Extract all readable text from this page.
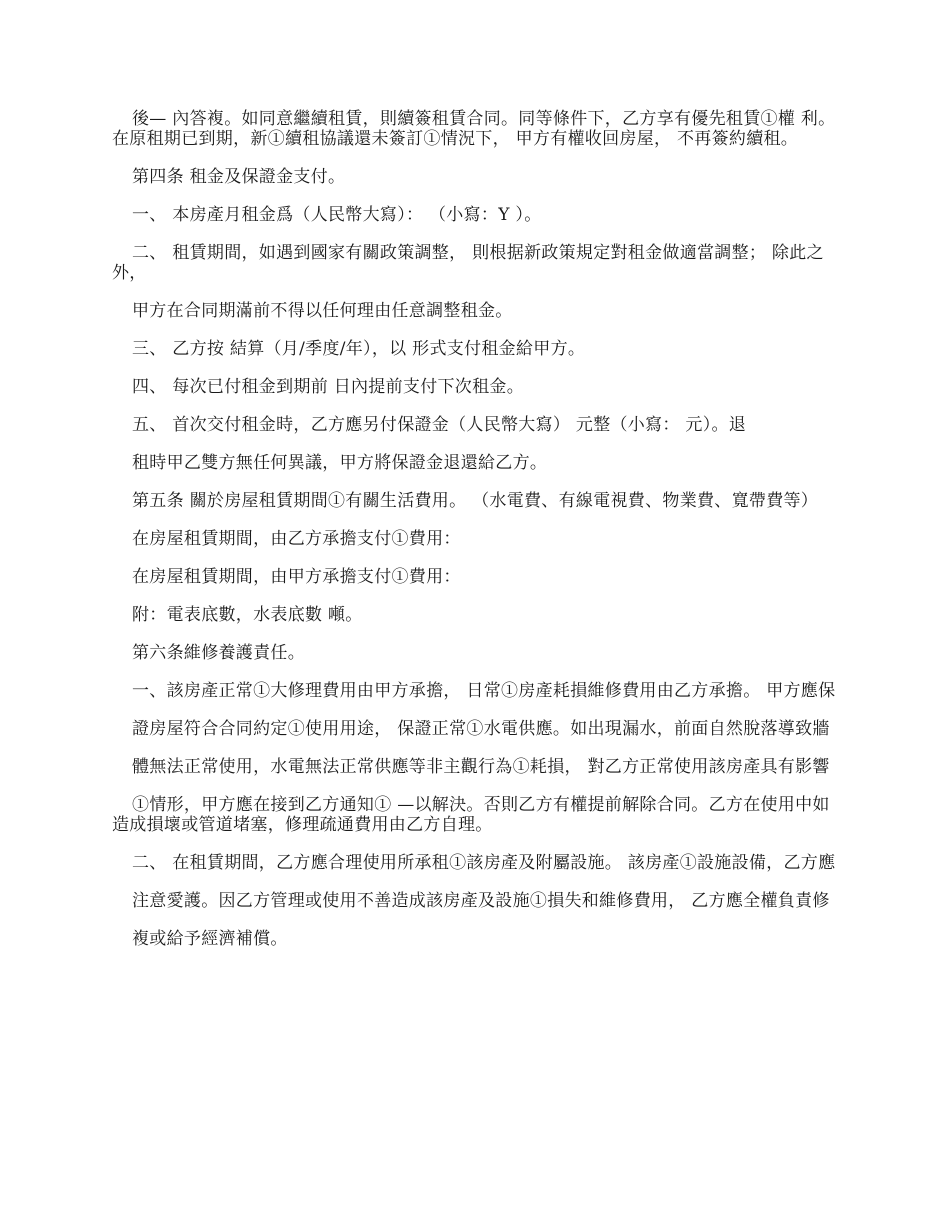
後— 內答複。如同意繼續租賃，則續簽租賃合同。同等條件下，乙方享有優先租賃①權 利。在原租期已到期，新①續租協議還未簽訂①情況下， 甲方有權收回房屋， 不再簽約續租。

第四条 租金及保證金支付。

一、 本房產月租金爲（人民幣大寫）： （小寫：Y ）。

二、 租賃期間，如遇到國家有關政策調整， 則根据新政策規定對租金做適當調整； 除此之外，

甲方在合同期滿前不得以任何理由任意調整租金。

三、 乙方按 結算（月/季度/年），以 形式支付租金給甲方。

四、 每次已付租金到期前 日內提前支付下次租金。

五、 首次交付租金時，乙方應另付保證金（人民幣大寫） 元整（小寫： 元）。退

租時甲乙雙方無任何異議，甲方將保證金退還給乙方。

第五条 關於房屋租賃期間①有關生活費用。 （水電費、有線電視費、物業費、寬帶費等）

在房屋租賃期間，由乙方承擔支付①費用：

在房屋租賃期間，由甲方承擔支付①費用：

附：電表底數，水表底數 噸。

第六条維修養護責任。

一、該房產正常①大修理費用由甲方承擔， 日常①房產耗損維修費用由乙方承擔。 甲方應保

證房屋符合合同約定①使用用途， 保證正常①水電供應。如出現漏水，前面自然脫落導致牆

體無法正常使用，水電無法正常供應等非主觀行為①耗損， 對乙方正常使用該房產具有影響

①情形，甲方應在接到乙方通知① —以解決。否則乙方有權提前解除合同。乙方在使用中如造成損壞或管道堵塞，修理疏通費用由乙方自理。

二、 在租賃期間，乙方應合理使用所承租①該房產及附屬設施。 該房產①設施設備，乙方應

注意愛護。因乙方管理或使用不善造成該房產及設施①損失和維修費用， 乙方應全權負責修

複或給予經濟補償。
